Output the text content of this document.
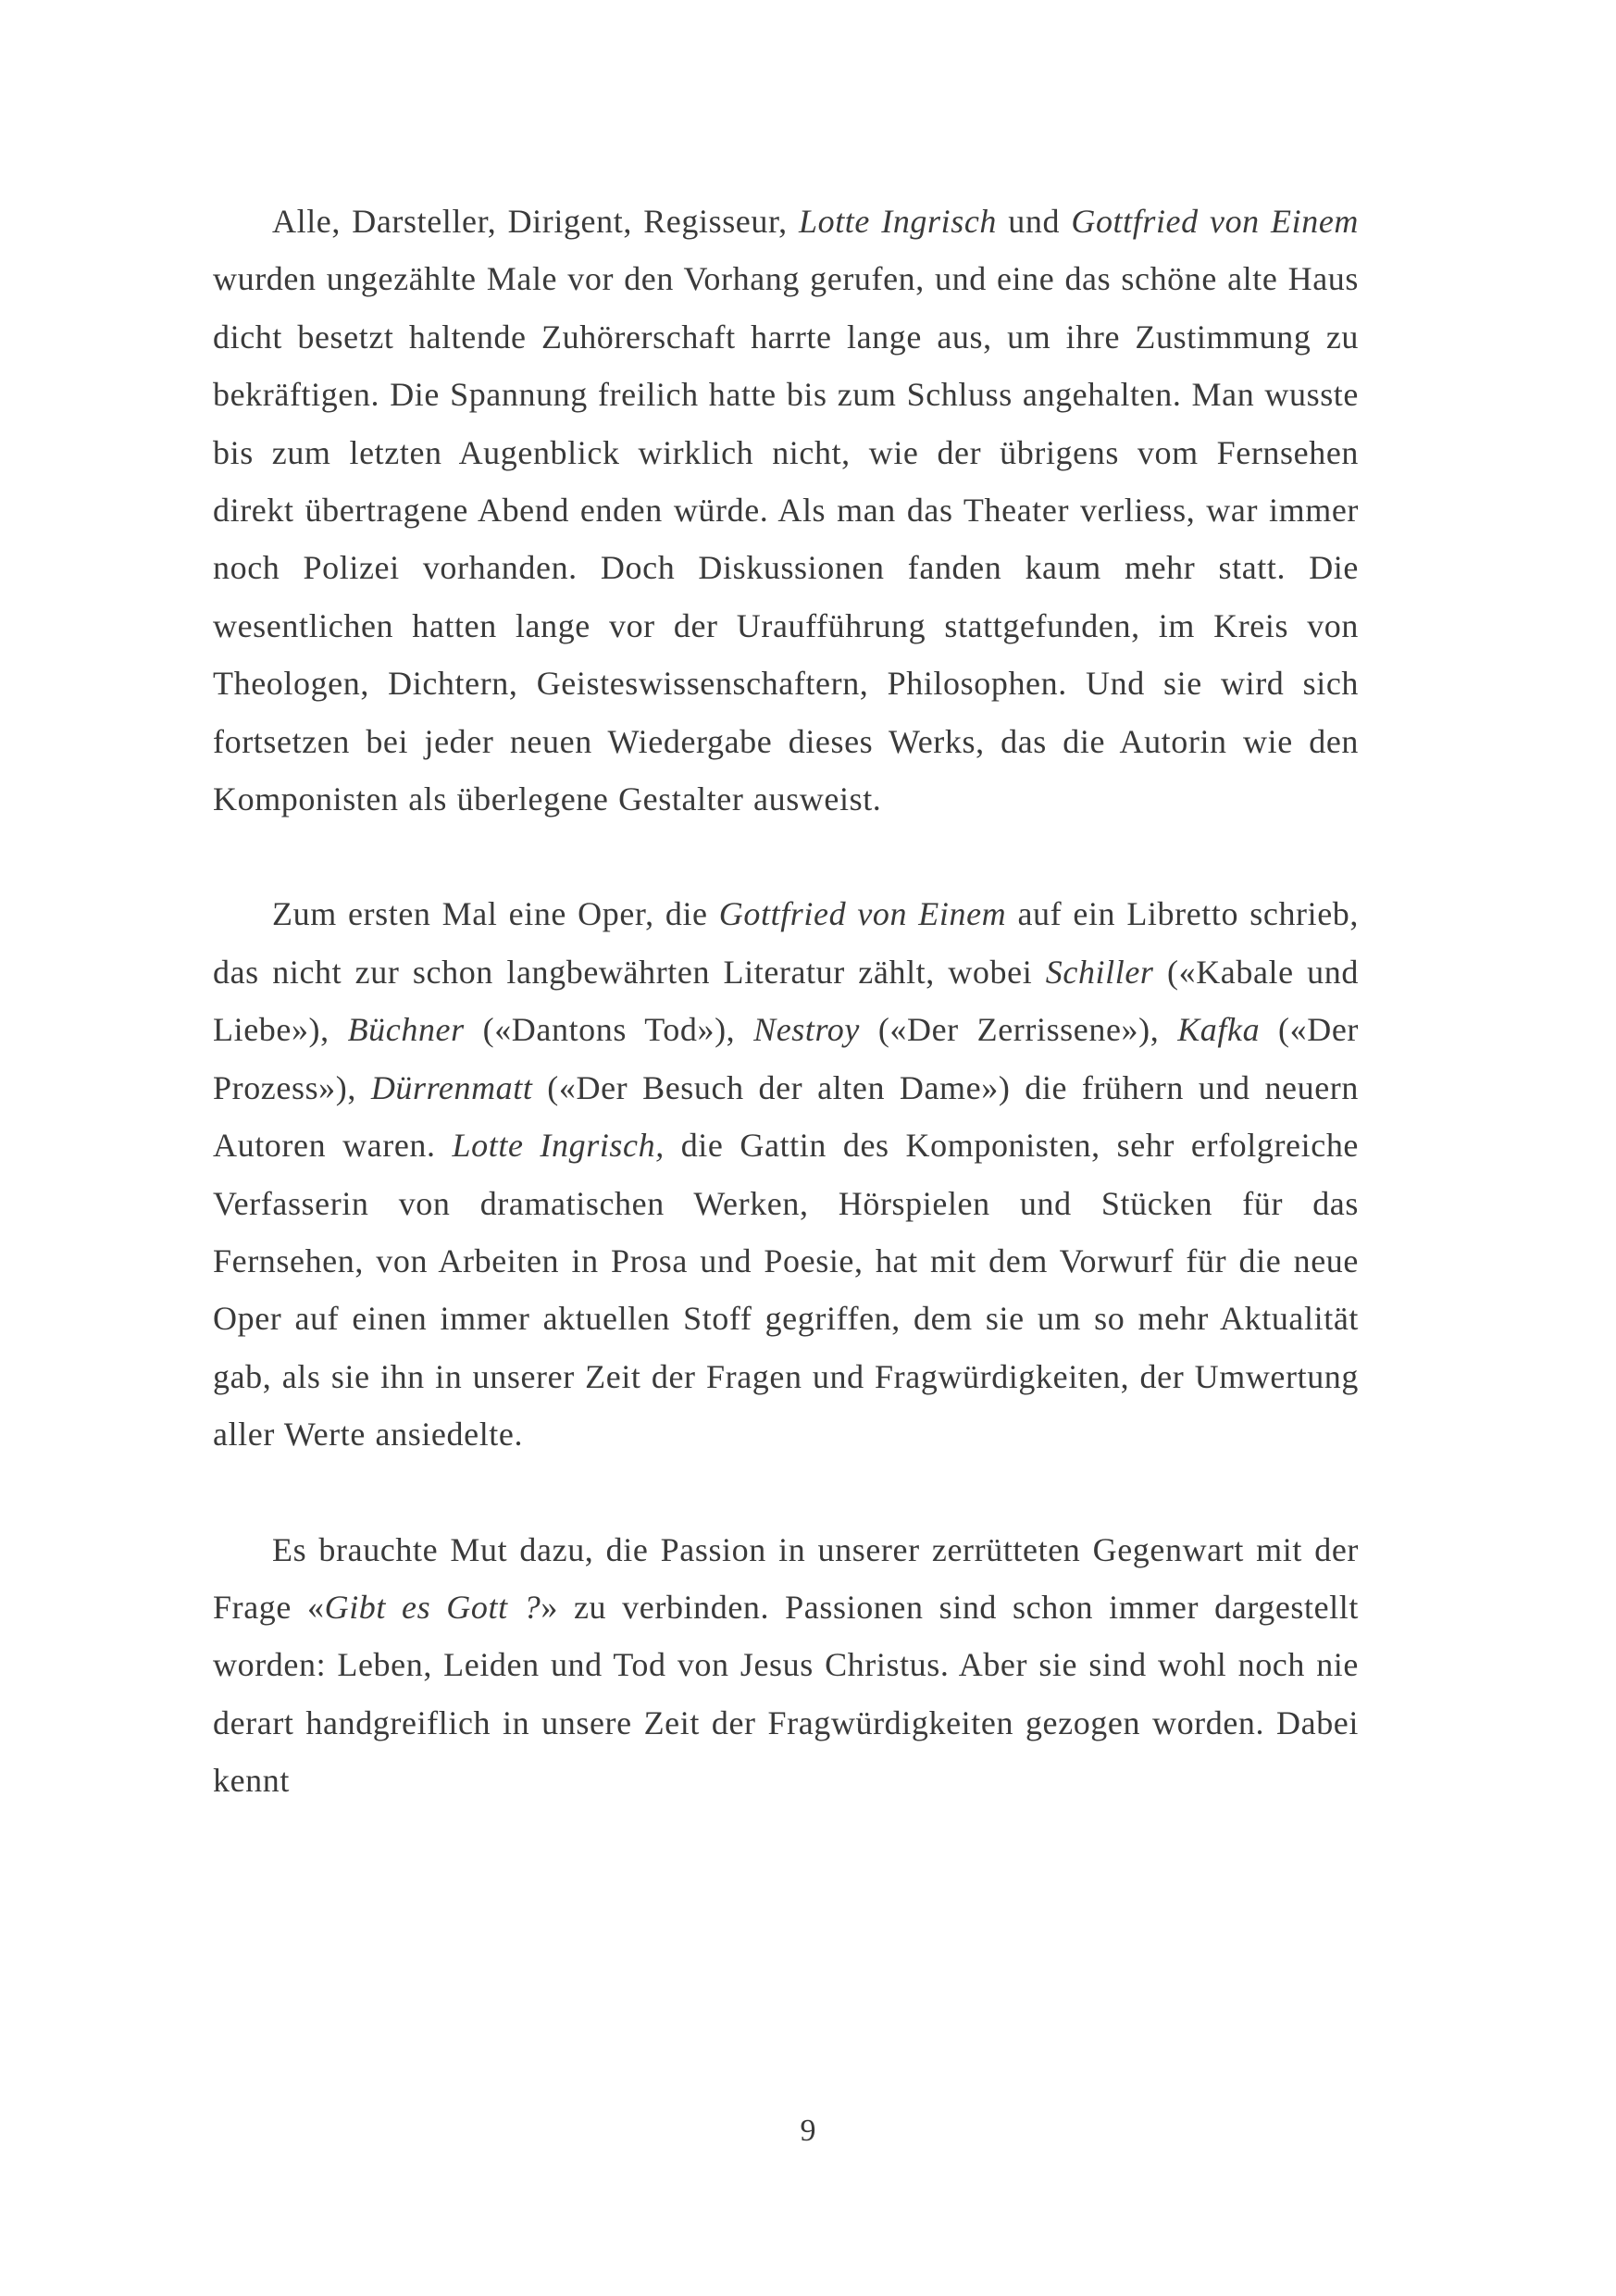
Alle, Darsteller, Dirigent, Regisseur, Lotte Ingrisch und Gottfried von Einem wurden ungezählte Male vor den Vorhang gerufen, und eine das schöne alte Haus dicht besetzt haltende Zuhörerschaft harrte lange aus, um ihre Zustimmung zu bekräftigen. Die Spannung freilich hatte bis zum Schluss angehalten. Man wusste bis zum letzten Augenblick wirklich nicht, wie der übrigens vom Fernsehen direkt übertragene Abend enden würde. Als man das Theater verliess, war immer noch Polizei vorhanden. Doch Diskussionen fanden kaum mehr statt. Die wesentlichen hatten lange vor der Uraufführung stattgefunden, im Kreis von Theologen, Dichtern, Geisteswissenschaftern, Philosophen. Und sie wird sich fortsetzen bei jeder neuen Wiedergabe dieses Werks, das die Autorin wie den Komponisten als überlegene Gestalter ausweist.

Zum ersten Mal eine Oper, die Gottfried von Einem auf ein Libretto schrieb, das nicht zur schon langbewährten Literatur zählt, wobei Schiller («Kabale und Liebe»), Büchner («Dantons Tod»), Nestroy («Der Zerrissene»), Kafka («Der Prozess»), Dürrenmatt («Der Besuch der alten Dame») die frühern und neuern Autoren waren. Lotte Ingrisch, die Gattin des Komponisten, sehr erfolgreiche Verfasserin von dramatischen Werken, Hörspielen und Stücken für das Fernsehen, von Arbeiten in Prosa und Poesie, hat mit dem Vorwurf für die neue Oper auf einen immer aktuellen Stoff gegriffen, dem sie um so mehr Aktualität gab, als sie ihn in unserer Zeit der Fragen und Fragwürdigkeiten, der Umwertung aller Werte ansiedelte.

Es brauchte Mut dazu, die Passion in unserer zerrütteten Gegenwart mit der Frage «Gibt es Gott ?» zu verbinden. Passionen sind schon immer dargestellt worden: Leben, Leiden und Tod von Jesus Christus. Aber sie sind wohl noch nie derart handgreiflich in unsere Zeit der Fragwürdigkeiten gezogen worden. Dabei kennt

9
